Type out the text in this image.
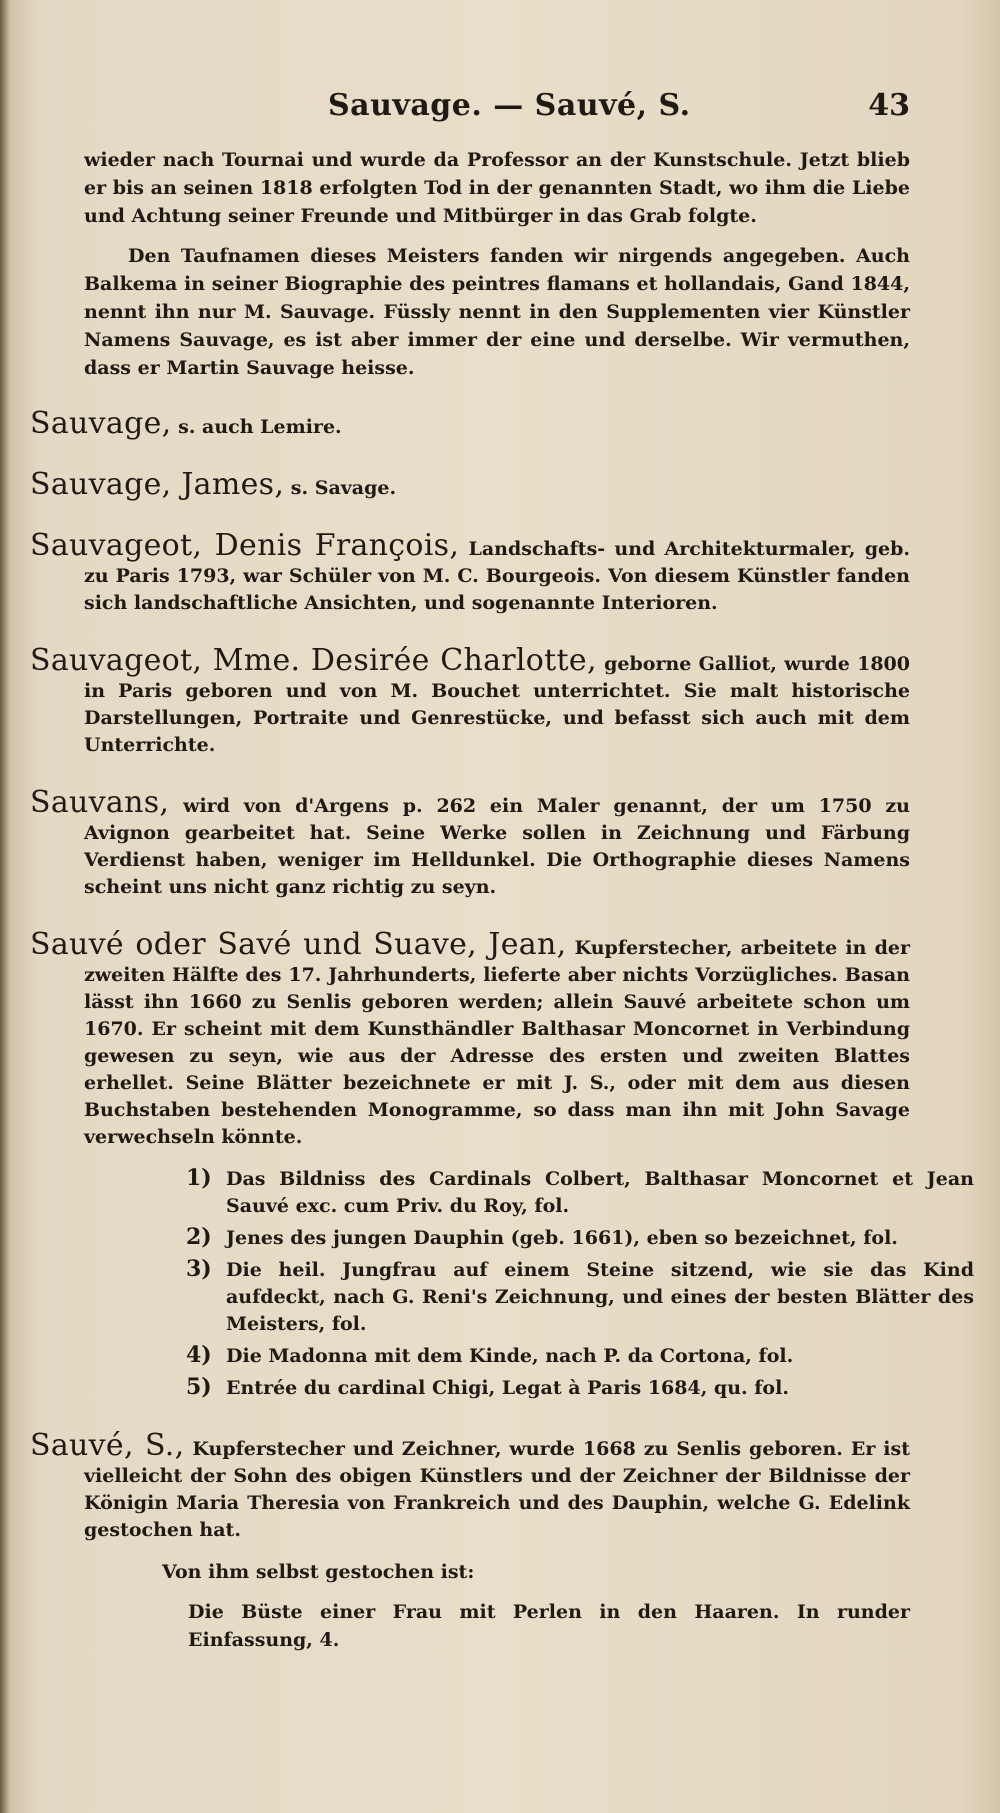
Sauvage. — Sauvé, S.	43

wieder nach Tournai und wurde da Professor an der Kunstschule. Jetzt blieb er bis an seinen 1818 erfolgten Tod in der genannten Stadt, wo ihm die Liebe und Achtung seiner Freunde und Mitbürger in das Grab folgte.

Den Taufnamen dieses Meisters fanden wir nirgends angegeben. Auch Balkema in seiner Biographie des peintres flamans et hollandais, Gand 1844, nennt ihn nur M. Sauvage. Füssly nennt in den Supplementen vier Künstler Namens Sauvage, es ist aber immer der eine und derselbe. Wir vermuthen, dass er Martin Sauvage heisse.

Sauvage, s. auch Lemire.

Sauvage, James, s. Savage.

Sauvageot, Denis François, Landschafts- und Architekturmaler, geb. zu Paris 1793, war Schüler von M. C. Bourgeois. Von diesem Künstler fanden sich landschaftliche Ansichten, und sogenannte Interioren.

Sauvageot, Mme. Desirée Charlotte, geborne Galliot, wurde 1800 in Paris geboren und von M. Bouchet unterrichtet. Sie malt historische Darstellungen, Portraite und Genrestücke, und befasst sich auch mit dem Unterrichte.

Sauvans, wird von d'Argens p. 262 ein Maler genannt, der um 1750 zu Avignon gearbeitet hat. Seine Werke sollen in Zeichnung und Färbung Verdienst haben, weniger im Helldunkel. Die Orthographie dieses Namens scheint uns nicht ganz richtig zu seyn.

Sauvé oder Savé und Suave, Jean, Kupferstecher, arbeitete in der zweiten Hälfte des 17. Jahrhunderts, lieferte aber nichts Vorzügliches. Basan lässt ihn 1660 zu Senlis geboren werden; allein Sauvé arbeitete schon um 1670. Er scheint mit dem Kunsthändler Balthasar Moncornet in Verbindung gewesen zu seyn, wie aus der Adresse des ersten und zweiten Blattes erhellet. Seine Blätter bezeichnete er mit J. S., oder mit dem aus diesen Buchstaben bestehenden Monogramme, so dass man ihn mit John Savage verwechseln könnte.

1) Das Bildniss des Cardinals Colbert, Balthasar Moncornet et Jean Sauvé exc. cum Priv. du Roy, fol.
2) Jenes des jungen Dauphin (geb. 1661), eben so bezeichnet, fol.
3) Die heil. Jungfrau auf einem Steine sitzend, wie sie das Kind aufdeckt, nach G. Reni's Zeichnung, und eines der besten Blätter des Meisters, fol.
4) Die Madonna mit dem Kinde, nach P. da Cortona, fol.
5) Entrée du cardinal Chigi, Legat à Paris 1684, qu. fol.

Sauvé, S., Kupferstecher und Zeichner, wurde 1668 zu Senlis geboren. Er ist vielleicht der Sohn des obigen Künstlers und der Zeichner der Bildnisse der Königin Maria Theresia von Frankreich und des Dauphin, welche G. Edelink gestochen hat.

Von ihm selbst gestochen ist:

Die Büste einer Frau mit Perlen in den Haaren. In runder Einfassung, 4.
